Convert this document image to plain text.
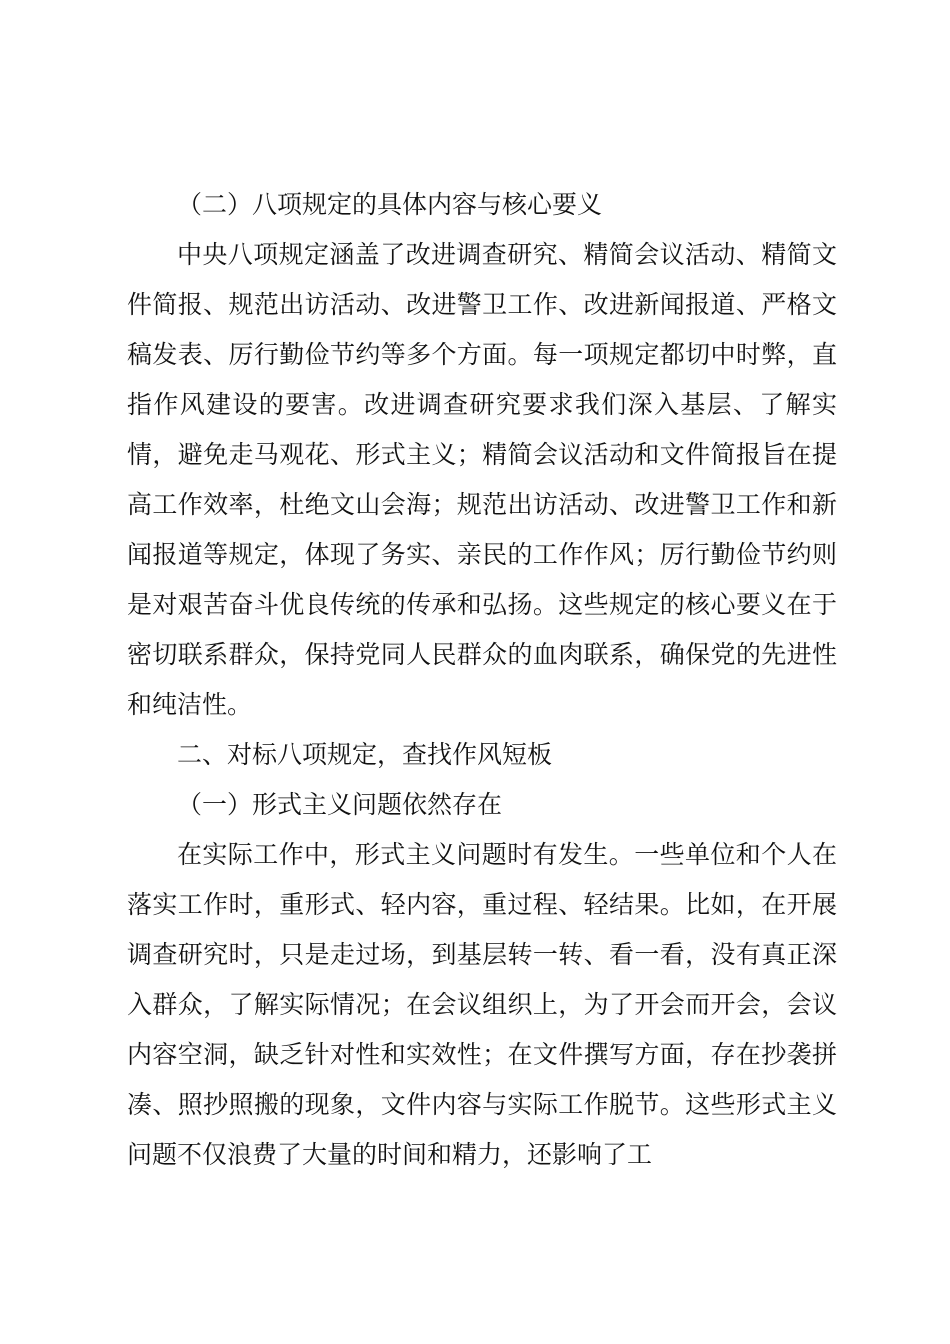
（二）八项规定的具体内容与核心要义

中央八项规定涵盖了改进调查研究、精简会议活动、精简文件简报、规范出访活动、改进警卫工作、改进新闻报道、严格文稿发表、厉行勤俭节约等多个方面。每一项规定都切中时弊，直指作风建设的要害。改进调查研究要求我们深入基层、了解实情，避免走马观花、形式主义；精简会议活动和文件简报旨在提高工作效率，杜绝文山会海；规范出访活动、改进警卫工作和新闻报道等规定，体现了务实、亲民的工作作风；厉行勤俭节约则是对艰苦奋斗优良传统的传承和弘扬。这些规定的核心要义在于密切联系群众，保持党同人民群众的血肉联系，确保党的先进性和纯洁性。

二、对标八项规定，查找作风短板

（一）形式主义问题依然存在

在实际工作中，形式主义问题时有发生。一些单位和个人在落实工作时，重形式、轻内容，重过程、轻结果。比如，在开展调查研究时，只是走过场，到基层转一转、看一看，没有真正深入群众，了解实际情况；在会议组织上，为了开会而开会，会议内容空洞，缺乏针对性和实效性；在文件撰写方面，存在抄袭拼凑、照抄照搬的现象，文件内容与实际工作脱节。这些形式主义问题不仅浪费了大量的时间和精力，还影响了工
